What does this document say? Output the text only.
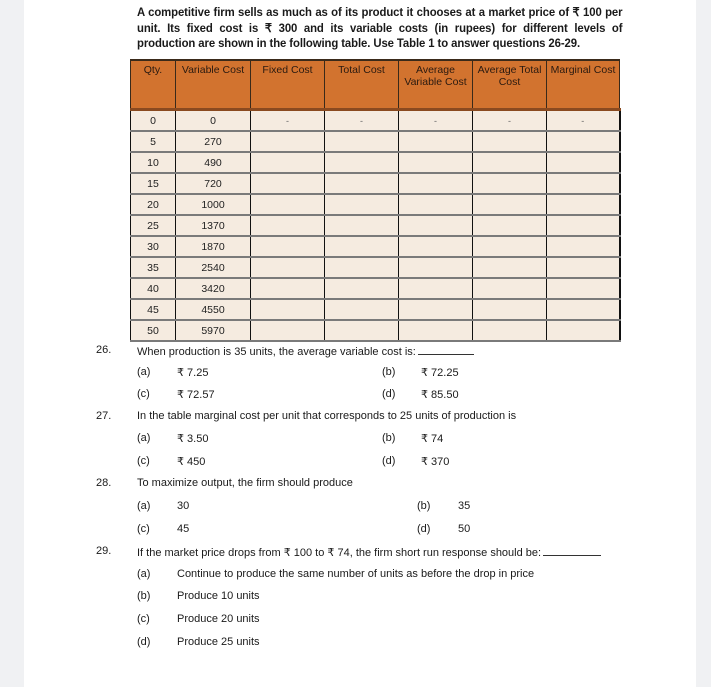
A competitive firm sells as much as of its product it chooses at a market price of ₹ 100 per unit. Its fixed cost is ₹ 300 and its variable costs (in rupees) for different levels of production are shown in the following table. Use Table 1 to answer questions 26-29.
Qty.	Variable Cost	Fixed Cost	Total Cost	Average Variable Cost	Average Total Cost	Marginal Cost
0	0	-	-	-	-	-
5	270					
10	490					
15	720					
20	1000					
25	1370					
30	1870					
35	2540					
40	3420					
45	4550					
50	5970					
26. When production is 35 units, the average variable cost is:
(a) ₹ 7.25	(b) ₹ 72.25
(c) ₹ 72.57	(d) ₹ 85.50
27. In the table marginal cost per unit that corresponds to 25 units of production is
(a) ₹ 3.50	(b) ₹ 74
(c) ₹ 450	(d) ₹ 370
28. To maximize output, the firm should produce
(a) 30	(b)	35
(c) 45	(d)	50
29. If the market price drops from ₹ 100 to ₹ 74, the firm short run response should be:
(a) Continue to produce the same number of units as before the drop in price
(b) Produce 10 units
(c) Produce 20 units
(d) Produce 25 units
